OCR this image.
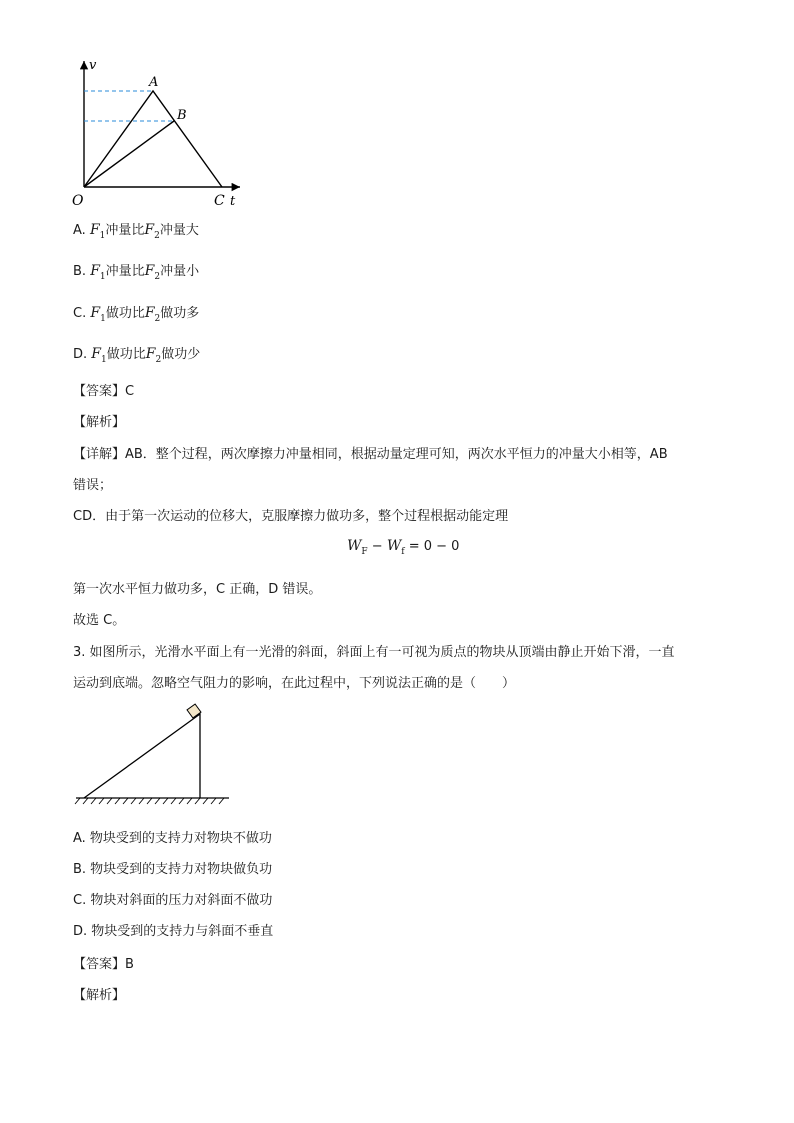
v
A
B
O	C t
A. $F_1$冲量比$F_2$冲量大
B. $F_1$冲量比$F_2$冲量小
C. $F_1$做功比$F_2$做功多
D. $F_1$做功比$F_2$做功少
【答案】C
【解析】
【详解】AB．整个过程，两次摩擦力冲量相同，根据动量定理可知，两次水平恒力的冲量大小相等，AB
错误；
CD．由于第一次运动的位移大，克服摩擦力做功多，整个过程根据动能定理
$W_F - W_f = 0 - 0$
第一次水平恒力做功多，C 正确，D 错误。
故选 C。
3. 如图所示，光滑水平面上有一光滑的斜面，斜面上有一可视为质点的物块从顶端由静止开始下滑，一直
运动到底端。忽略空气阻力的影响，在此过程中，下列说法正确的是（　　）
A. 物块受到的支持力对物块不做功
B. 物块受到的支持力对物块做负功
C. 物块对斜面的压力对斜面不做功
D. 物块受到的支持力与斜面不垂直
【答案】B
【解析】
